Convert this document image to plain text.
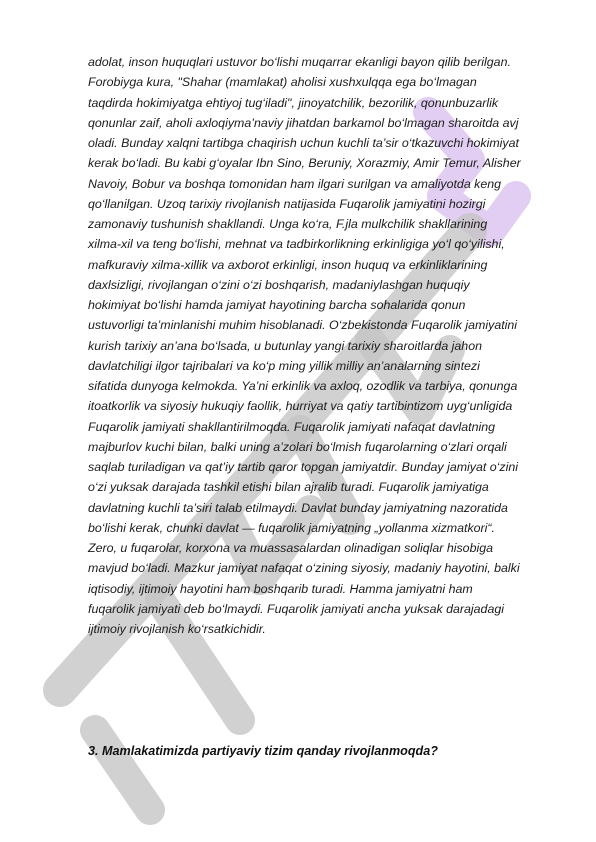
adolat, inson huquqlari ustuvor bo‘lishi muqarrar ekanligi bayon qilib berilgan. Forobiyga kura, "Shahar (mamlakat) aholisi xushxulqqa ega bo‘lmagan taqdirda hokimiyatga ehtiyoj tug‘iladi", jinoyatchilik, bezorilik, qonunbuzarlik qonunlar zaif, aholi axloqiyma’naviy jihatdan barkamol bo‘lmagan sharoitda avj oladi. Bunday xalqni tartibga chaqirish uchun kuchli ta’sir o‘tkazuvchi hokimiyat kerak bo‘ladi. Bu kabi g‘oyalar Ibn Sino, Beruniy, Xorazmiy, Amir Temur, Alisher Navoiy, Bobur va boshqa tomonidan ham ilgari surilgan va amaliyotda keng qo‘llanilgan. Uzoq tarixiy rivojlanish natijasida Fuqarolik jamiyatini hozirgi zamonaviy tushunish shakllandi. Unga ko‘ra, F.jla mulkchilik shakllarining xilma-xil va teng bo‘lishi, mehnat va tadbirkorlikning erkinligiga yo‘l qo‘yilishi, mafkuraviy xilma-xillik va axborot erkinligi, inson huquq va erkinliklarining daxlsizligi, rivojlangan o‘zini o‘zi boshqarish, madaniylashgan huquqiy hokimiyat bo‘lishi hamda jamiyat hayotining barcha sohalarida qonun ustuvorligi ta’minlanishi muhim hisoblanadi. O‘zbekistonda Fuqarolik jamiyatini kurish tarixiy an’ana bo‘lsada, u butunlay yangi tarixiy sharoitlarda jahon davlatchiligi ilgor tajribalari va ko‘p ming yillik milliy an’analarning sintezi sifatida dunyoga kelmokda. Ya’ni erkinlik va axloq, ozodlik va tarbiya, qonunga itoatkorlik va siyosiy hukuqiy faollik, hurriyat va qatiy tartibintizom uyg‘unligida Fuqarolik jamiyati shakllantirilmoqda. Fuqarolik jamiyati nafaqat davlatning majburlov kuchi bilan, balki uning a’zolari bo‘lmish fuqarolarning o‘zlari orqali saqlab turiladigan va qat’iy tartib qaror topgan jamiyatdir. Bunday jamiyat o‘zini o‘zi yuksak darajada tashkil etishi bilan ajralib turadi. Fuqarolik jamiyatiga davlatning kuchli ta’siri talab etilmaydi. Davlat bunday jamiyatning nazoratida bo‘lishi kerak, chunki davlat — fuqarolik jamiyatning „yollanma xizmatkori“. Zero, u fuqarolar, korxona va muassasalardan olinadigan soliqlar hisobiga mavjud bo‘ladi. Mazkur jamiyat nafaqat o‘zining siyosiy, madaniy hayotini, balki iqtisodiy, ijtimoiy hayotini ham boshqarib turadi. Hamma jamiyatni ham fuqarolik jamiyati deb bo‘lmaydi. Fuqarolik jamiyati ancha yuksak darajadagi ijtimoiy rivojlanish ko‘rsatkichidir.

3. Mamlakatimizda partiyaviy tizim qanday rivojlanmoqda?
